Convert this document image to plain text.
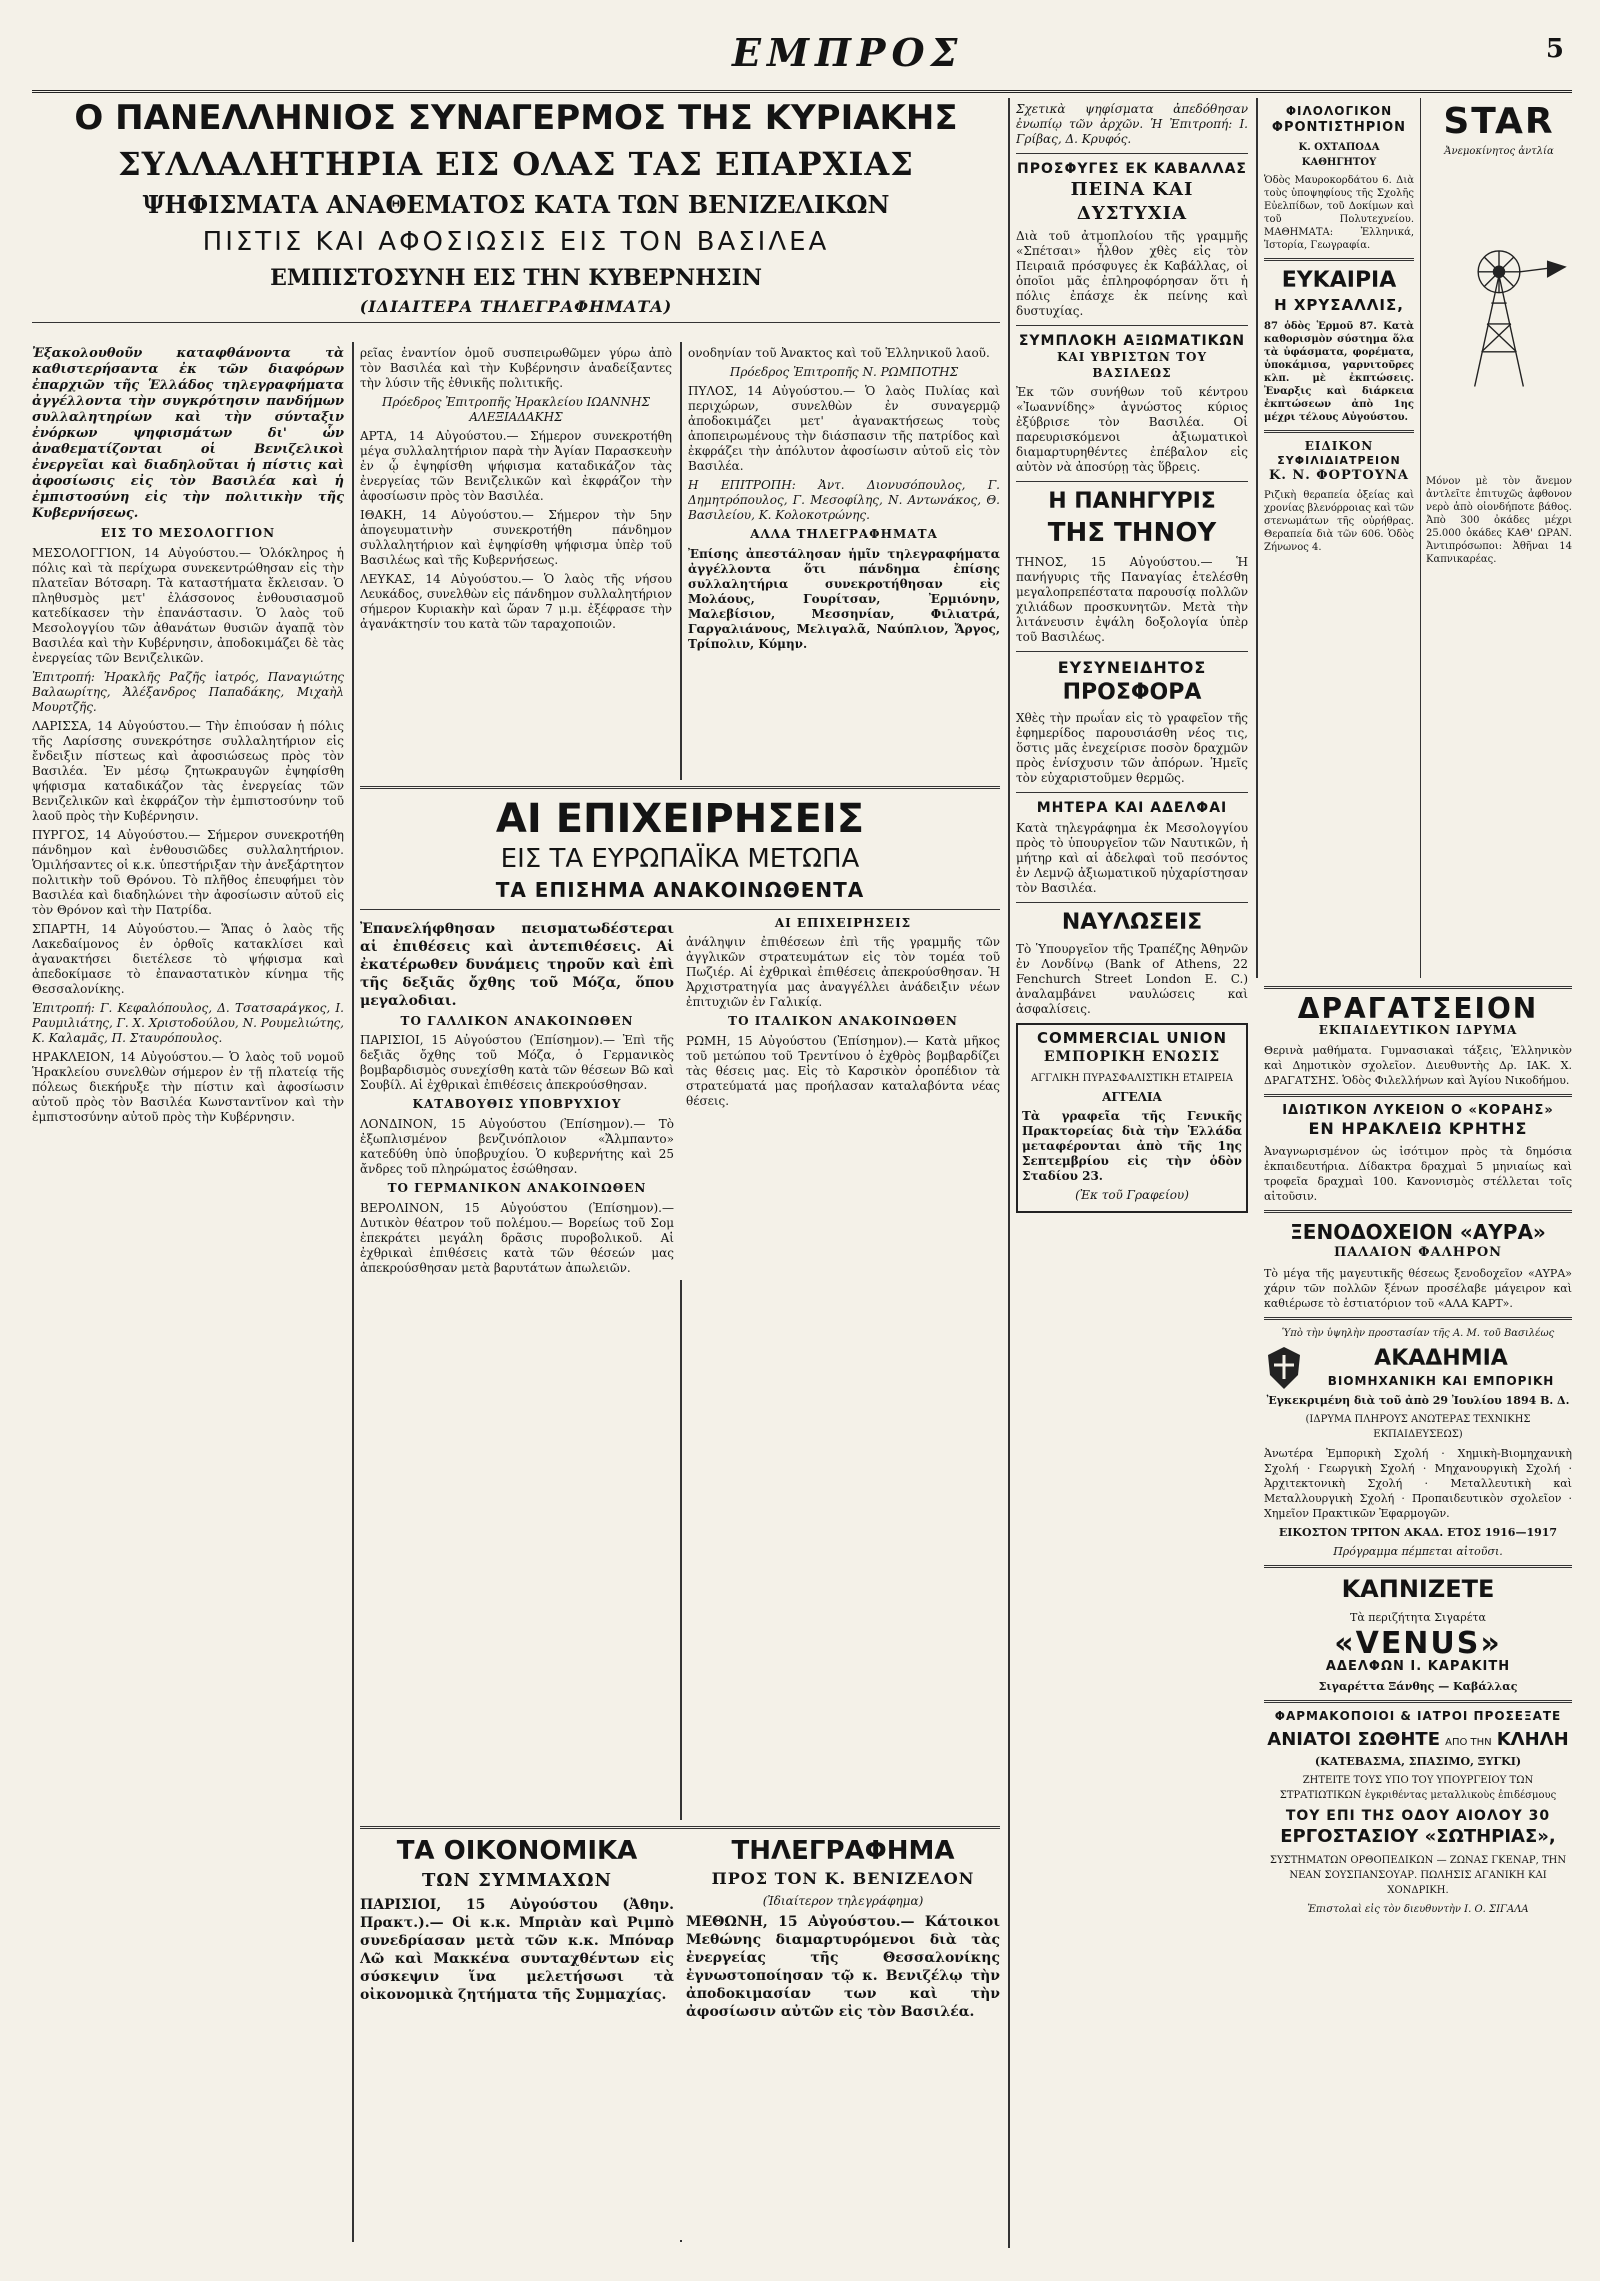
ΕΜΠΡΟΣ	5
Ο ΠΑΝΕΛΛΗΝΙΟΣ ΣΥΝΑΓΕΡΜΟΣ ΤΗΣ ΚΥΡΙΑΚΗΣ
ΣΥΛΛΑΛΗΤΗΡΙΑ ΕΙΣ ΟΛΑΣ ΤΑΣ ΕΠΑΡΧΙΑΣ
ΨΗΦΙΣΜΑΤΑ ΑΝΑΘΕΜΑΤΟΣ ΚΑΤΑ ΤΩΝ ΒΕΝΙΖΕΛΙΚΩΝ
ΠΙΣΤΙΣ ΚΑΙ ΑΦΟΣΙΩΣΙΣ ΕΙΣ ΤΟΝ ΒΑΣΙΛΕΑ
ΕΜΠΙΣΤΟΣΥΝΗ ΕΙΣ ΤΗΝ ΚΥΒΕΡΝΗΣΙΝ
(ΙΔΙΑΙΤΕΡΑ ΤΗΛΕΓΡΑΦΗΜΑΤΑ)

Ἐξακολουθοῦν καταφθάνοντα τὰ καθιστερήσαντα ἐκ τῶν διαφόρων ἐπαρχιῶν τῆς Ἑλλάδος τηλεγραφήματα ἀγγέλλοντα τὴν συγκρότησιν πανδήμων συλλαλητηρίων καὶ τὴν σύνταξιν ἐνόρκων ψηφισμάτων δι' ὧν ἀναθεματίζονται οἱ Βενιζελικοὶ ἐνεργεῖαι καὶ διαδηλοῦται ἡ πίστις καὶ ἀφοσίωσις εἰς τὸν Βασιλέα καὶ ἡ ἐμπιστοσύνη εἰς τὴν πολιτικὴν τῆς Κυβερνήσεως.

ΕΙΣ ΤΟ ΜΕΣΟΛΟΓΓΙΟΝ

ΜΕΣΟΛΟΓΓΙΟΝ, 14 Αὐγούστου.— Ὁλόκληρος ἡ πόλις καὶ τὰ περίχωρα συνεκεντρώθησαν εἰς τὴν πλατεῖαν Βότσαρη. Τὰ καταστήματα ἔκλεισαν. Ὁ πληθυσμὸς μετ' ἐλάσσονος ἐνθουσιασμοῦ κατεδίκασεν τὴν ἐπανάστασιν. Ὁ λαὸς τοῦ Μεσολογγίου τῶν ἀθανάτων θυσιῶν ἀγαπᾷ τὸν Βασιλέα καὶ τὴν Κυβέρνησιν, ἀποδοκιμάζει δὲ τὰς ἐνεργείας τῶν Βενιζελικῶν.

Ἐπιτροπή: Ἠρακλῆς Ραζῆς ἰατρός, Παναγιώτης Βαλαωρίτης, Ἀλέξανδρος Παπαδάκης, Μιχαὴλ Μουρτζῆς.

ΛΑΡΙΣΣΑ, 14 Αὐγούστου.— Τὴν ἐπιούσαν ἡ πόλις τῆς Λαρίσσης συνεκρότησε συλλαλητήριον εἰς ἔνδειξιν πίστεως καὶ ἀφοσιώσεως πρὸς τὸν Βασιλέα. Ἐν μέσῳ ζητωκραυγῶν ἐψηφίσθη ψήφισμα καταδικάζον τὰς ἐνεργείας τῶν Βενιζελικῶν καὶ ἐκφράζον τὴν ἐμπιστοσύνην τοῦ λαοῦ πρὸς τὴν Κυβέρνησιν.

ΠΥΡΓΟΣ, 14 Αὐγούστου.— Σήμερον συνεκροτήθη πάνδημον καὶ ἐνθουσιῶδες συλλαλητήριον. Ὁμιλήσαντες οἱ κ.κ. ὑπεστήριξαν τὴν ἀνεξάρτητον πολιτικὴν τοῦ Θρόνου. Τὸ πλῆθος ἐπευφήμει τὸν Βασιλέα καὶ διαδηλώνει τὴν ἀφοσίωσιν αὐτοῦ εἰς τὸν Θρόνον καὶ τὴν Πατρίδα.

ΣΠΑΡΤΗ, 14 Αὐγούστου.— Ἅπας ὁ λαὸς τῆς Λακεδαίμονος ἐν ὀρθοῖς κατακλίσει καὶ ἀγανακτήσει διετέλεσε τὸ ψήφισμα καὶ ἀπεδοκίμασε τὸ ἐπαναστατικὸν κίνημα τῆς Θεσσαλονίκης.

Ἐπιτροπή: Γ. Κεφαλόπουλος, Δ. Τσατσαράγκος, Ι. Ραυμιλιάτης, Γ. Χ. Χριστοδούλου, Ν. Ρουμελιώτης, Κ. Καλαμᾶς, Π. Σταυρόπουλος.

ΗΡΑΚΛΕΙΟΝ, 14 Αὐγούστου.— Ὁ λαὸς τοῦ νομοῦ Ἡρακλείου συνελθὼν σήμερον ἐν τῇ πλατείᾳ τῆς πόλεως διεκήρυξε τὴν πίστιν καὶ ἀφοσίωσιν αὐτοῦ πρὸς τὸν Βασιλέα Κωνσταντῖνον καὶ τὴν ἐμπιστοσύνην αὐτοῦ πρὸς τὴν Κυβέρνησιν.

ρεῖας ἐναντίον ὁμοῦ συσπειρωθῶμεν γύρω ἀπὸ τὸν Βασιλέα καὶ τὴν Κυβέρνησιν ἀναδείξαντες τὴν λύσιν τῆς ἐθνικῆς πολιτικῆς.

Πρόεδρος Ἐπιτροπῆς Ἠρακλείου ΙΩΑΝΝΗΣ ΑΛΕΞΙΑΔΑΚΗΣ

ΑΡΤΑ, 14 Αὐγούστου.— Σήμερον συνεκροτήθη μέγα συλλαλητήριον παρὰ τὴν Ἀγίαν Παρασκευὴν ἐν ᾧ ἐψηφίσθη ψήφισμα καταδικάζον τὰς ἐνεργείας τῶν Βενιζελικῶν καὶ ἐκφράζον τὴν ἀφοσίωσιν πρὸς τὸν Βασιλέα.

ΙΘΑΚΗ, 14 Αὐγούστου.— Σήμερον τὴν 5ην ἀπογευματινὴν συνεκροτήθη πάνδημον συλλαλητήριον καὶ ἐψηφίσθη ψήφισμα ὑπὲρ τοῦ Βασιλέως καὶ τῆς Κυβερνήσεως.

ΛΕΥΚΑΣ, 14 Αὐγούστου.— Ὁ λαὸς τῆς νήσου Λευκάδος, συνελθὼν εἰς πάνδημον συλλαλητήριον σήμερον Κυριακὴν καὶ ὥραν 7 μ.μ. ἐξέφρασε τὴν ἀγανάκτησίν του κατὰ τῶν ταραχοποιῶν.

ονοδηνίαν τοῦ Ἀνακτος καὶ τοῦ Ἑλληνικοῦ λαοῦ.

Πρόεδρος Ἐπιτροπῆς Ν. ΡΩΜΠΟΤΗΣ

ΠΥΛΟΣ, 14 Αὐγούστου.— Ὁ λαὸς Πυλίας καὶ περιχώρων, συνελθὼν ἐν συναγερμῷ ἀποδοκιμάζει μετ' ἀγανακτήσεως τοὺς ἀποπειρωμένους τὴν διάσπασιν τῆς πατρίδος καὶ ἐκφράζει τὴν ἀπόλυτον ἀφοσίωσιν αὐτοῦ εἰς τὸν Βασιλέα.

Η ΕΠΙΤΡΟΠΗ: Ἀντ. Διονυσόπουλος, Γ. Δημητρόπουλος, Γ. Μεσοφίλης, Ν. Αντωνάκος, Θ. Βασιλείου, Κ. Κολοκοτρώνης.

ΑΛΛΑ ΤΗΛΕΓΡΑΦΗΜΑΤΑ

Ἐπίσης ἀπεστάλησαν ἡμῖν τηλεγραφήματα ἀγγέλλοντα ὅτι πάνδημα ἐπίσης συλλαλητήρια συνεκροτήθησαν εἰς Μολάους, Γουρίτσαν, Ἐρμιόνην, Μαλεβίσιον, Μεσσηνίαν, Φιλιατρά, Γαργαλιάνους, Μελιγαλᾶ, Ναύπλιον, Ἄργος, Τρίπολιν, Κύμην.

ΑΙ ΕΠΙΧΕΙΡΗΣΕΙΣ
ΕΙΣ ΤΑ ΕΥΡΩΠΑΪΚΑ ΜΕΤΩΠΑ
ΤΑ ΕΠΙΣΗΜΑ ΑΝΑΚΟΙΝΩΘΕΝΤΑ

Ἐπανελήφθησαν πεισματωδέστεραι αἱ ἐπιθέσεις καὶ ἀντεπιθέσεις. Αἱ ἐκατέρωθεν δυνάμεις τηροῦν καὶ ἐπὶ τῆς δεξιᾶς ὄχθης τοῦ Μόζα, ὅπου μεγαλοδιαι.

ΤΟ ΓΑΛΛΙΚΟΝ ΑΝΑΚΟΙΝΩΘΕΝ

ΠΑΡΙΣΙΟΙ, 15 Αὐγούστου (Ἐπίσημον).— Ἐπὶ τῆς δεξιᾶς ὄχθης τοῦ Μόζα, ὁ Γερμανικὸς βομβαρδισμὸς συνεχίσθη κατὰ τῶν θέσεων Βῶ καὶ Σουβίλ. Αἱ ἐχθρικαὶ ἐπιθέσεις ἀπεκρούσθησαν.

ΚΑΤΑΒΟΥΘΙΣ ΥΠΟΒΡΥΧΙΟΥ

ΛΟΝΔΙΝΟΝ, 15 Αὐγούστου (Ἐπίσημον).— Τὸ ἐξωπλισμένον βενζινόπλοιον «Ἄλμπαντο» κατεδύθη ὑπὸ ὑποβρυχίου. Ὁ κυβερνήτης καὶ 25 ἄνδρες τοῦ πληρώματος ἐσώθησαν.

ΤΟ ΓΕΡΜΑΝΙΚΟΝ ΑΝΑΚΟΙΝΩΘΕΝ

ΒΕΡΟΛΙΝΟΝ, 15 Αὐγούστου (Ἐπίσημον).— Δυτικὸν θέατρον τοῦ πολέμου.— Βορείως τοῦ Σομ ἐπεκράτει μεγάλη δρᾶσις πυροβολικοῦ. Αἱ ἐχθρικαὶ ἐπιθέσεις κατὰ τῶν θέσεών μας ἀπεκρούσθησαν μετὰ βαρυτάτων ἀπωλειῶν.

ΑΙ ΕΠΙΧΕΙΡΗΣΕΙΣ

ἀνάληψιν ἐπιθέσεων ἐπὶ τῆς γραμμῆς τῶν ἀγγλικῶν στρατευμάτων εἰς τὸν τομέα τοῦ Πωζιέρ. Αἱ ἐχθρικαὶ ἐπιθέσεις ἀπεκρούσθησαν. Ἡ Ἀρχιστρατηγία μας ἀναγγέλλει ἀνάδειξιν νέων ἐπιτυχιῶν ἐν Γαλικίᾳ.

ΤΟ ΙΤΑΛΙΚΟΝ ΑΝΑΚΟΙΝΩΘΕΝ

ΡΩΜΗ, 15 Αὐγούστου (Ἐπίσημον).— Κατὰ μῆκος τοῦ μετώπου τοῦ Τρεντίνου ὁ ἐχθρὸς βομβαρδίζει τὰς θέσεις μας. Εἰς τὸ Καρσικὸν ὀροπέδιον τὰ στρατεύματά μας προήλασαν καταλαβόντα νέας θέσεις.

ΤΑ ΟΙΚΟΝΟΜΙΚΑ
ΤΩΝ ΣΥΜΜΑΧΩΝ

ΠΑΡΙΣΙΟΙ, 15 Αὐγούστου (Ἀθην. Πρακτ.).— Οἱ κ.κ. Μπριὰν καὶ Ριμπὸ συνεδρίασαν μετὰ τῶν κ.κ. Μπόναρ Λῶ καὶ Μακκένα συνταχθέντων εἰς σύσκεψιν ἵνα μελετήσωσι τὰ οἰκονομικὰ ζητήματα τῆς Συμμαχίας.

ΤΗΛΕΓΡΑΦΗΜΑ
ΠΡΟΣ ΤΟΝ Κ. ΒΕΝΙΖΕΛΟΝ

(Ἰδιαίτερον τηλεγράφημα)

ΜΕΘΩΝΗ, 15 Αὐγούστου.— Κάτοικοι Μεθώνης διαμαρτυρόμενοι διὰ τὰς ἐνεργείας τῆς Θεσσαλονίκης ἐγνωστοποίησαν τῷ κ. Βενιζέλῳ τὴν ἀποδοκιμασίαν των καὶ τὴν ἀφοσίωσιν αὐτῶν εἰς τὸν Βασιλέα.

Σχετικὰ ψηφίσματα ἀπεδόθησαν ἐνωπίῳ τῶν ἀρχῶν. Ἡ Ἐπιτροπή: Ι. Γρίβας, Δ. Κρυφός.

ΠΡΟΣΦΥΓΕΣ ΕΚ ΚΑΒΑΛΛΑΣ
ΠΕΙΝΑ ΚΑΙ ΔΥΣΤΥΧΙΑ

Διὰ τοῦ ἀτμοπλοίου τῆς γραμμῆς «Σπέτσαι» ἦλθον χθὲς εἰς τὸν Πειραιᾶ πρόσφυγες ἐκ Καβάλλας, οἱ ὁποῖοι μᾶς ἐπληροφόρησαν ὅτι ἡ πόλις ἐπάσχε ἐκ πείνης καὶ δυστυχίας.

ΣΥΜΠΛΟΚΗ ΑΞΙΩΜΑΤΙΚΩΝ
ΚΑΙ ΥΒΡΙΣΤΩΝ ΤΟΥ ΒΑΣΙΛΕΩΣ

Ἐκ τῶν συνήθων τοῦ κέντρου «Ἰωαννίδης» ἀγνώστος κύριος ἐξύβρισε τὸν Βασιλέα. Οἱ παρευρισκόμενοι ἀξιωματικοὶ διαμαρτυρηθέντες ἐπέβαλον εἰς αὐτὸν νὰ ἀποσύρῃ τὰς ὕβρεις.

Η ΠΑΝΗΓΥΡΙΣ
ΤΗΣ ΤΗΝΟΥ

ΤΗΝΟΣ, 15 Αὐγούστου.— Ἡ πανήγυρις τῆς Παναγίας ἐτελέσθη μεγαλοπρεπέστατα παρουσίᾳ πολλῶν χιλιάδων προσκυνητῶν. Μετὰ τὴν λιτάνευσιν ἐψάλη δοξολογία ὑπὲρ τοῦ Βασιλέως.

ΕΥΣΥΝΕΙΔΗΤΟΣ
ΠΡΟΣΦΟΡΑ

Χθὲς τὴν πρωΐαν εἰς τὸ γραφεῖον τῆς ἐφημερίδος παρουσιάσθη νέος τις, ὅστις μᾶς ἐνεχείρισε ποσὸν δραχμῶν πρὸς ἐνίσχυσιν τῶν ἀπόρων. Ἡμεῖς τὸν εὐχαριστοῦμεν θερμῶς.

ΜΗΤΕΡΑ ΚΑΙ ΑΔΕΛΦΑΙ

Κατὰ τηλεγράφημα ἐκ Μεσολογγίου πρὸς τὸ ὑπουργεῖον τῶν Ναυτικῶν, ἡ μήτηρ καὶ αἱ ἀδελφαὶ τοῦ πεσόντος ἐν Λεμνῷ ἀξιωματικοῦ ηὐχαρίστησαν τὸν Βασιλέα.

ΝΑΥΛΩΣΕΙΣ

Τὸ Ὑπουργεῖον τῆς Τραπέζης Ἀθηνῶν ἐν Λονδίνῳ (Bank of Athens, 22 Fenchurch Street London E. C.) ἀναλαμβάνει ναυλώσεις καὶ ἀσφαλίσεις.

COMMERCIAL UNION
ΕΜΠΟΡΙΚΗ ΕΝΩΣΙΣ

ΑΓΓΛΙΚΗ ΠΥΡΑΣΦΑΛΙΣΤΙΚΗ ΕΤΑΙΡΕΙΑ

ΑΓΓΕΛΙΑ

Τὰ γραφεῖα τῆς Γενικῆς Πρακτορείας διὰ τὴν Ἑλλάδα μεταφέρονται ἀπὸ τῆς 1ης Σεπτεμβρίου εἰς τὴν ὁδὸν Σταδίου 23.

(Ἐκ τοῦ Γραφείου)

ΦΙΛΟΛΟΓΙΚΟΝ
ΦΡΟΝΤΙΣΤΗΡΙΟΝ

Κ. ΟΧΤΑΠΟΔΑ ΚΑΘΗΓΗΤΟΥ

Ὁδὸς Μαυροκορδάτου 6. Διὰ τοὺς ὑποψηφίους τῆς Σχολῆς Εὐελπίδων, τοῦ Δοκίμων καὶ τοῦ Πολυτεχνείου. ΜΑΘΗΜΑΤΑ: Ἑλληνικά, Ἱστορία, Γεωγραφία.

ΕΥΚΑΙΡΙΑ
Η ΧΡΥΣΑΛΛΙΣ,

87 ὁδὸς Ἑρμοῦ 87. Κατὰ καθορισμὸν σύστημα ὅλα τὰ ὑφάσματα, φορέματα, ὑποκάμισα, γαρνιτοῦρες κλπ. μὲ ἐκπτώσεις. Ἐναρξις καὶ διάρκεια ἐκπτώσεων ἀπὸ 1ης μέχρι τέλους Αὐγούστου.

ΕΙΔΙΚΟΝ
ΣΥΦΙΛΙΔΙΑΤΡΕΙΟΝ
Κ. Ν. ΦΟΡΤΟΥΝΑ

Ριζικὴ θεραπεία ὀξείας καὶ χρονίας βλενόρροιας καὶ τῶν στενωμάτων τῆς οὐρήθρας. Θεραπεία διὰ τῶν 606. Ὁδὸς Ζήνωνος 4.

STAR

Ἀνεμοκίνητος ἀντλία

Μόνον μὲ τὸν ἄνεμον ἀντλεῖτε ἐπιτυχῶς ἀφθονον νερὸ ἀπὸ οἱονδήποτε βάθος. Ἀπὸ 300 ὀκάδες μέχρι 25.000 ὀκάδες ΚΑΘ' ΩΡΑΝ. Ἀντιπρόσωποι: Ἀθῆναι 14 Καπνικαρέας.

ΔΡΑΓΑΤΣΕΙΟΝ
ΕΚΠΑΙΔΕΥΤΙΚΟΝ ΙΔΡΥΜΑ

Θερινὰ μαθήματα. Γυμνασιακαὶ τάξεις, Ἑλληνικὸν καὶ Δημοτικὸν σχολεῖον. Διευθυντὴς Δρ. ΙΑΚ. Χ. ΔΡΑΓΑΤΣΗΣ. Ὁδὸς Φιλελλήνων καὶ Ἁγίου Νικοδήμου.

ΙΔΙΩΤΙΚΟΝ ΛΥΚΕΙΟΝ Ο «ΚΟΡΑΗΣ»
ΕΝ ΗΡΑΚΛΕΙΩ ΚΡΗΤΗΣ

Ἀναγνωρισμένον ὡς ἰσότιμον πρὸς τὰ δημόσια ἐκπαιδευτήρια. Δίδακτρα δραχμαὶ 5 μηνιαίως καὶ τροφεῖα δραχμαὶ 100. Κανονισμὸς στέλλεται τοῖς αἰτοῦσιν.

ΞΕΝΟΔΟΧΕΙΟΝ «ΑΥΡΑ»
ΠΑΛΑΙΟΝ ΦΑΛΗΡΟΝ

Τὸ μέγα τῆς μαγευτικῆς θέσεως ξενοδοχεῖον «ΑΥΡΑ» χάριν τῶν πολλῶν ξένων προσέλαβε μάγειρον καὶ καθιέρωσε τὸ ἑστιατόριον τοῦ «ΑΛΑ ΚΑΡΤ».

Ὑπὸ τὴν ὑψηλὴν προστασίαν τῆς Α. Μ. τοῦ Βασιλέως

ΑΚΑΔΗΜΙΑ
ΒΙΟΜΗΧΑΝΙΚΗ ΚΑΙ ΕΜΠΟΡΙΚΗ

Ἐγκεκριμένη διὰ τοῦ ἀπὸ 29 Ἰουλίου 1894 Β. Δ.

(ΙΔΡΥΜΑ ΠΛΗΡΟΥΣ ΑΝΩΤΕΡΑΣ ΤΕΧΝΙΚΗΣ ΕΚΠΑΙΔΕΥΣΕΩΣ)

Ἀνωτέρα Ἐμπορικὴ Σχολή · Χημικὴ-Βιομηχανικὴ Σχολή · Γεωργικὴ Σχολή · Μηχανουργικὴ Σχολή · Ἀρχιτεκτονικὴ Σχολή · Μεταλλευτικὴ καὶ Μεταλλουργικὴ Σχολή · Προπαιδευτικὸν σχολεῖον · Χημεῖον Πρακτικῶν Ἐφαρμογῶν.

ΕΙΚΟΣΤΟΝ ΤΡΙΤΟΝ ΑΚΑΔ. ΕΤΟΣ 1916—1917

Πρόγραμμα πέμπεται αἰτοῦσι.

ΚΑΠΝΙΖΕΤΕ

Τὰ περιζήτητα Σιγαρέτα

«VENUS»
ΑΔΕΛΦΩΝ Ι. ΚΑΡΑΚΙΤΗ

Σιγαρέττα Ξάνθης — Καβάλλας

ΦΑΡΜΑΚΟΠΟΙΟΙ & ΙΑΤΡΟΙ ΠΡΟΣΕΞΑΤΕ
ΑΝΙΑΤΟΙ ΣΩΘΗΤΕ ΑΠΟ ΤΗΝ ΚΛΗΛΗ

(ΚΑΤΕΒΑΣΜΑ, ΣΠΑΣΙΜΟ, ΞΥΓΚΙ)

ΖΗΤΕΙΤΕ ΤΟΥΣ ΥΠΟ ΤΟΥ ΥΠΟΥΡΓΕΙΟΥ ΤΩΝ ΣΤΡΑΤΙΩΤΙΚΩΝ ἐγκριθέντας μεταλλικοὺς ἐπιδέσμους

ΤΟΥ ΕΠΙ ΤΗΣ ΟΔΟΥ ΑΙΟΛΟΥ 30
ΕΡΓΟΣΤΑΣΙΟΥ «ΣΩΤΗΡΙΑΣ»,

ΣΥΣΤΗΜΑΤΩΝ ΟΡΘΟΠΕΔΙΚΩΝ — ΖΩΝΑΣ ΓΚΕΝΑΡ, ΤΗΝ ΝΕΑΝ ΣΟΥΣΠΑΝΣΟΥΑΡ. ΠΩΛΗΣΙΣ ΑΓΑΝΙΚΗ ΚΑΙ ΧΟΝΔΡΙΚΗ.

Ἐπιστολαὶ εἰς τὸν διευθυντὴν Ι. Ο. ΣΙΓΑΛΑ
